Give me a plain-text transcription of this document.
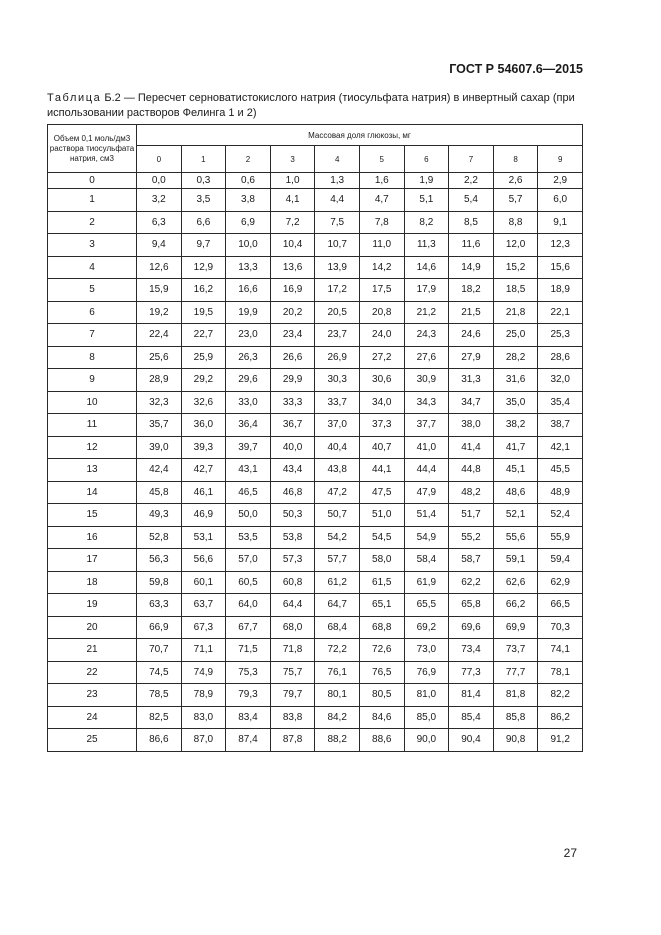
ГОСТ Р 54607.6—2015
Таблица Б.2 — Пересчет серноватистокислого натрия (тиосульфата натрия) в инвертный сахар (при использовании растворов Фелинга 1 и 2)
Объем 0,1 моль/дм3 раствора тиосульфата натрия, см3	Массовая доля глюкозы, мг									
	0	1	2	3	4	5	6	7	8	9
0	0,0	0,3	0,6	1,0	1,3	1,6	1,9	2,2	2,6	2,9
1	3,2	3,5	3,8	4,1	4,4	4,7	5,1	5,4	5,7	6,0
2	6,3	6,6	6,9	7,2	7,5	7,8	8,2	8,5	8,8	9,1
3	9,4	9,7	10,0	10,4	10,7	11,0	11,3	11,6	12,0	12,3
4	12,6	12,9	13,3	13,6	13,9	14,2	14,6	14,9	15,2	15,6
5	15,9	16,2	16,6	16,9	17,2	17,5	17,9	18,2	18,5	18,9
6	19,2	19,5	19,9	20,2	20,5	20,8	21,2	21,5	21,8	22,1
7	22,4	22,7	23,0	23,4	23,7	24,0	24,3	24,6	25,0	25,3
8	25,6	25,9	26,3	26,6	26,9	27,2	27,6	27,9	28,2	28,6
9	28,9	29,2	29,6	29,9	30,3	30,6	30,9	31,3	31,6	32,0
10	32,3	32,6	33,0	33,3	33,7	34,0	34,3	34,7	35,0	35,4
11	35,7	36,0	36,4	36,7	37,0	37,3	37,7	38,0	38,2	38,7
12	39,0	39,3	39,7	40,0	40,4	40,7	41,0	41,4	41,7	42,1
13	42,4	42,7	43,1	43,4	43,8	44,1	44,4	44,8	45,1	45,5
14	45,8	46,1	46,5	46,8	47,2	47,5	47,9	48,2	48,6	48,9
15	49,3	46,9	50,0	50,3	50,7	51,0	51,4	51,7	52,1	52,4
16	52,8	53,1	53,5	53,8	54,2	54,5	54,9	55,2	55,6	55,9
17	56,3	56,6	57,0	57,3	57,7	58,0	58,4	58,7	59,1	59,4
18	59,8	60,1	60,5	60,8	61,2	61,5	61,9	62,2	62,6	62,9
19	63,3	63,7	64,0	64,4	64,7	65,1	65,5	65,8	66,2	66,5
20	66,9	67,3	67,7	68,0	68,4	68,8	69,2	69,6	69,9	70,3
21	70,7	71,1	71,5	71,8	72,2	72,6	73,0	73,4	73,7	74,1
22	74,5	74,9	75,3	75,7	76,1	76,5	76,9	77,3	77,7	78,1
23	78,5	78,9	79,3	79,7	80,1	80,5	81,0	81,4	81,8	82,2
24	82,5	83,0	83,4	83,8	84,2	84,6	85,0	85,4	85,8	86,2
25	86,6	87,0	87,4	87,8	88,2	88,6	90,0	90,4	90,8	91,2
27
